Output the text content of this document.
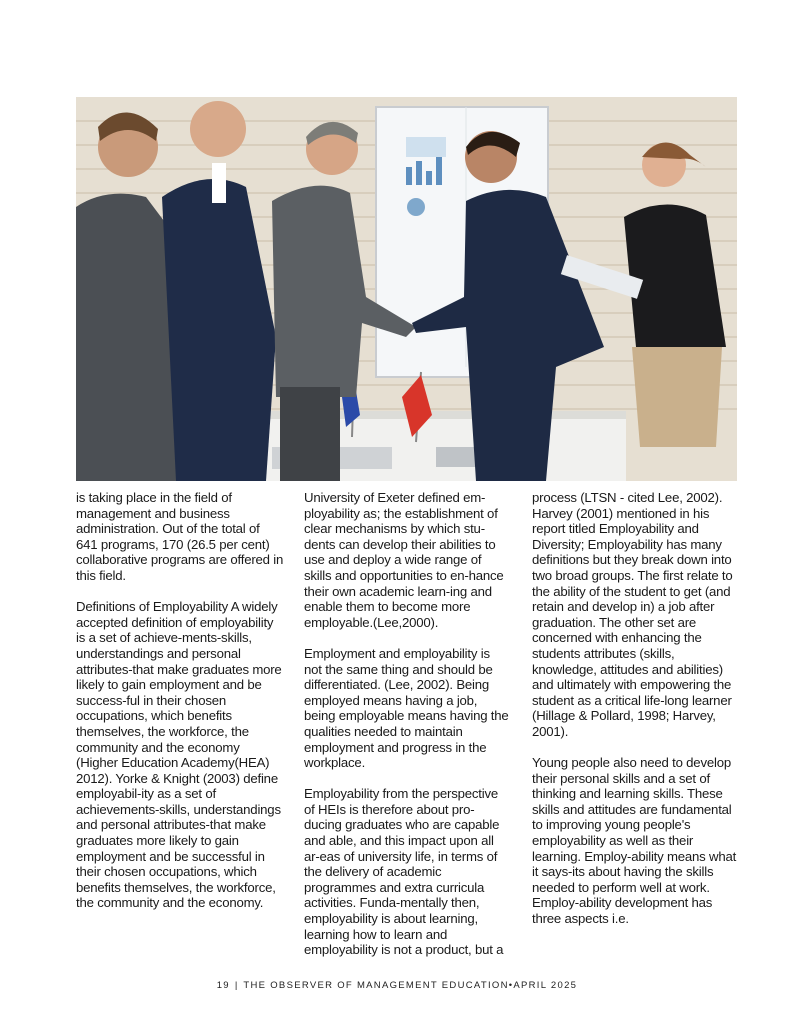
is taking place in the field of management and business administration. Out of the total of 641 programs, 170 (26.5 per cent) collaborative programs are offered in this field.

Definitions of Employability A widely accepted definition of employability is a set of achieve-ments-skills, understandings and personal attributes-that make graduates more likely to gain employment and be success-ful in their chosen occupations, which benefits themselves, the workforce, the community and the economy (Higher Education Academy(HEA) 2012). Yorke & Knight (2003) define employabil-ity as a set of achievements-skills, understandings and personal attributes-that make graduates more likely to gain employment and be successful in their chosen occupations, which benefits themselves, the workforce, the community and the economy.

University of Exeter defined em-ployability as; the establishment of clear mechanisms by which stu-dents can develop their abilities to use and deploy a wide range of skills and opportunities to en-hance their own academic learn-ing and enable them to become more employable.(Lee,2000).

Employment and employability is not the same thing and should be differentiated. (Lee, 2002). Being employed means having a job, being employable means having the qualities needed to maintain employment and progress in the workplace.

Employability from the perspective of HEIs is therefore about pro-ducing graduates who are capable and able, and this impact upon all ar-eas of university life, in terms of the delivery of academic programmes and extra curricula activities. Funda-mentally then, employability is about learning, learning how to learn and employability is not a product, but a

process (LTSN - cited Lee, 2002). Harvey (2001) mentioned in his report titled Employability and Diversity; Employability has many definitions but they break down into two broad groups. The first relate to the ability of the student to get (and retain and develop in) a job after graduation. The other set are concerned with enhancing the students attributes (skills, knowledge, attitudes and abilities) and ultimately with empowering the student as a critical life-long learner (Hillage & Pollard, 1998; Harvey, 2001).

Young people also need to develop their personal skills and a set of thinking and learning skills. These skills and attitudes are fundamental to improving young people's employability as well as their learning. Employ-ability means what it says-its about having the skills needed to perform well at work. Employ-ability development has three aspects i.e.

19 | THE OBSERVER OF MANAGEMENT EDUCATION•APRIL 2025
